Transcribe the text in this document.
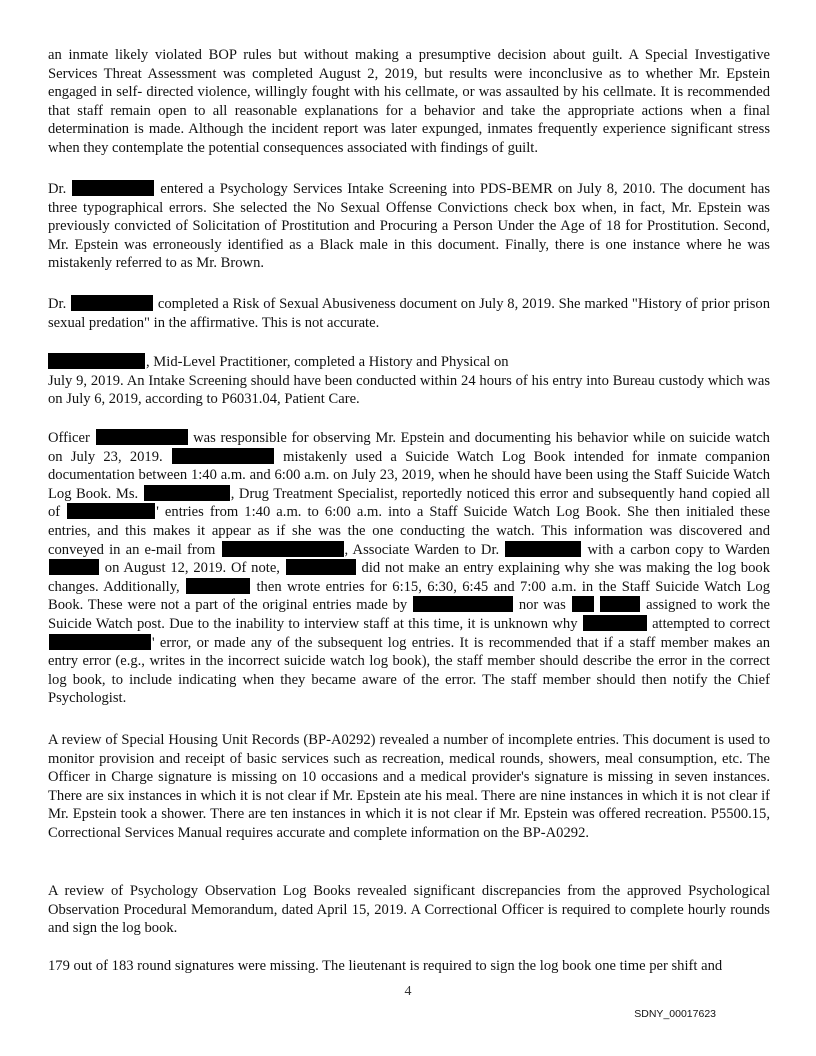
an inmate likely violated BOP rules but without making a presumptive decision about guilt. A Special Investigative Services Threat Assessment was completed August 2, 2019, but results were inconclusive as to whether Mr. Epstein engaged in self- directed violence, willingly fought with his cellmate, or was assaulted by his cellmate. It is recommended that staff remain open to all reasonable explanations for a behavior and take the appropriate actions when a final determination is made. Although the incident report was later expunged, inmates frequently experience significant stress when they contemplate the potential consequences associated with findings of guilt.

Dr.	entered a Psychology Services Intake Screening into PDS-BEMR on July 8, 2010. The document has three typographical errors. She selected the No Sexual Offense Convictions check box when, in fact, Mr. Epstein was previously convicted of Solicitation of Prostitution and Procuring a Person Under the Age of 18 for Prostitution. Second, Mr. Epstein was erroneously identified as a Black male in this document. Finally, there is one instance where he was mistakenly referred to as Mr. Brown.

Dr.	completed a Risk of Sexual Abusiveness document on July 8, 2019. She marked "History of prior prison sexual predation" in the affirmative. This is not accurate.

, Mid-Level Practitioner, completed a History and Physical on
July 9, 2019. An Intake Screening should have been conducted within 24 hours of his entry into Bureau custody which was on July 6, 2019, according to P6031.04, Patient Care.

Officer	was responsible for observing Mr. Epstein and documenting his behavior while on suicide watch on July 23, 2019.	mistakenly used a Suicide Watch Log Book intended for inmate companion documentation between 1:40 a.m. and 6:00 a.m. on July 23, 2019, when he should have been using the Staff Suicide Watch Log Book. Ms.	, Drug Treatment Specialist, reportedly noticed this error and subsequently hand copied all of	' entries from 1:40 a.m. to 6:00 a.m. into a Staff Suicide Watch Log Book. She then initialed these entries, and this makes it appear as if she was the one conducting the watch. This information was discovered and conveyed in an e-mail from	, Associate Warden to Dr.	with a carbon copy to Warden  on August 12, 2019. Of note,	did not make an entry explaining why she was making the log book changes. Additionally,	then wrote entries for 6:15, 6:30, 6:45 and 7:00 a.m. in the Staff Suicide Watch Log Book. These were not a part of the original entries made by	nor was	assigned to work the Suicide Watch post. Due to the inability to interview staff at this time, it is unknown why	attempted to correct ' error, or made any of the subsequent log entries. It is recommended that if a staff member makes an entry error (e.g., writes in the incorrect suicide watch log book), the staff member should describe the error in the correct log book, to include indicating when they became aware of the error. The staff member should then notify the Chief Psychologist.

A review of Special Housing Unit Records (BP-A0292) revealed a number of incomplete entries. This document is used to monitor provision and receipt of basic services such as recreation, medical rounds, showers, meal consumption, etc. The Officer in Charge signature is missing on 10 occasions and a medical provider's signature is missing in seven instances. There are six instances in which it is not clear if Mr. Epstein ate his meal. There are nine instances in which it is not clear if Mr. Epstein took a shower. There are ten instances in which it is not clear if Mr. Epstein was offered recreation. P5500.15, Correctional Services Manual requires accurate and complete information on the BP-A0292.

A review of Psychology Observation Log Books revealed significant discrepancies from the approved Psychological Observation Procedural Memorandum, dated April 15, 2019. A Correctional Officer is required to complete hourly rounds and sign the log book.

179 out of 183 round signatures were missing. The lieutenant is required to sign the log book one time per shift and

4
SDNY_00017623
